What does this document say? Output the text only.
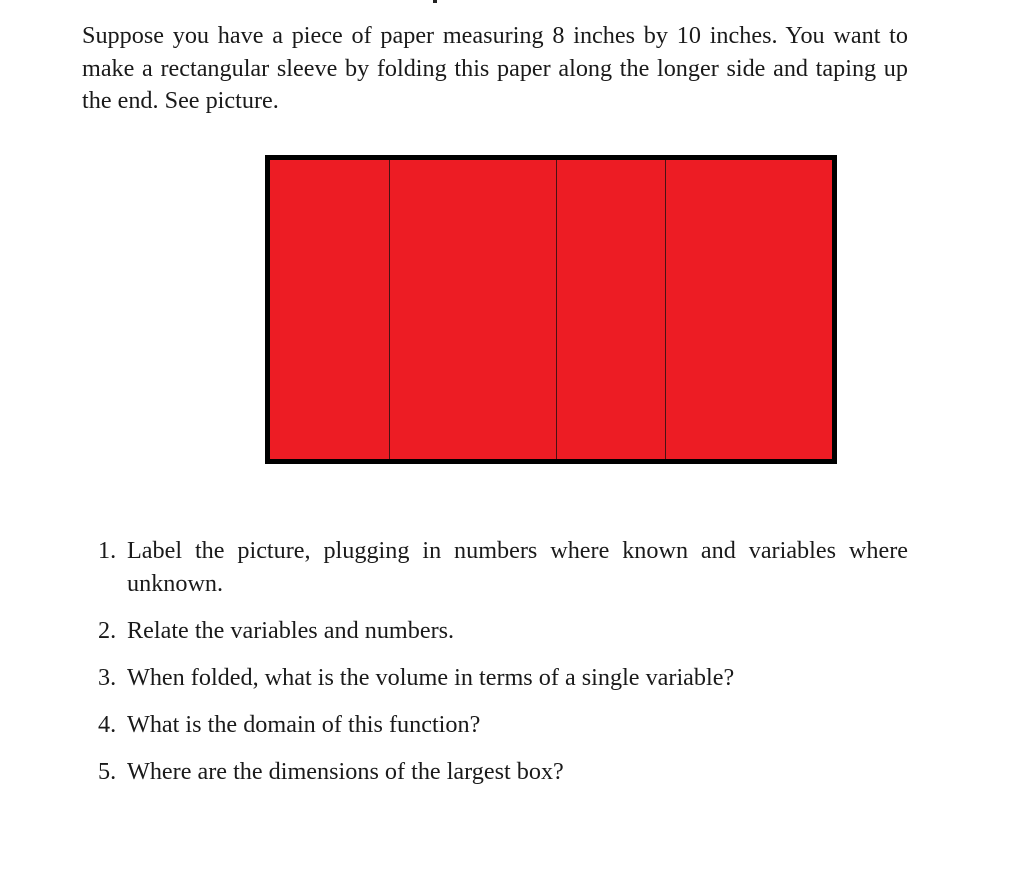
Suppose you have a piece of paper measuring 8 inches by 10 inches. You want to make a rectangular sleeve by folding this paper along the longer side and taping up the end. See picture.

1. Label the picture, plugging in numbers where known and variables where unknown.
2. Relate the variables and numbers.
3. When folded, what is the volume in terms of a single variable?
4. What is the domain of this function?
5. Where are the dimensions of the largest box?
